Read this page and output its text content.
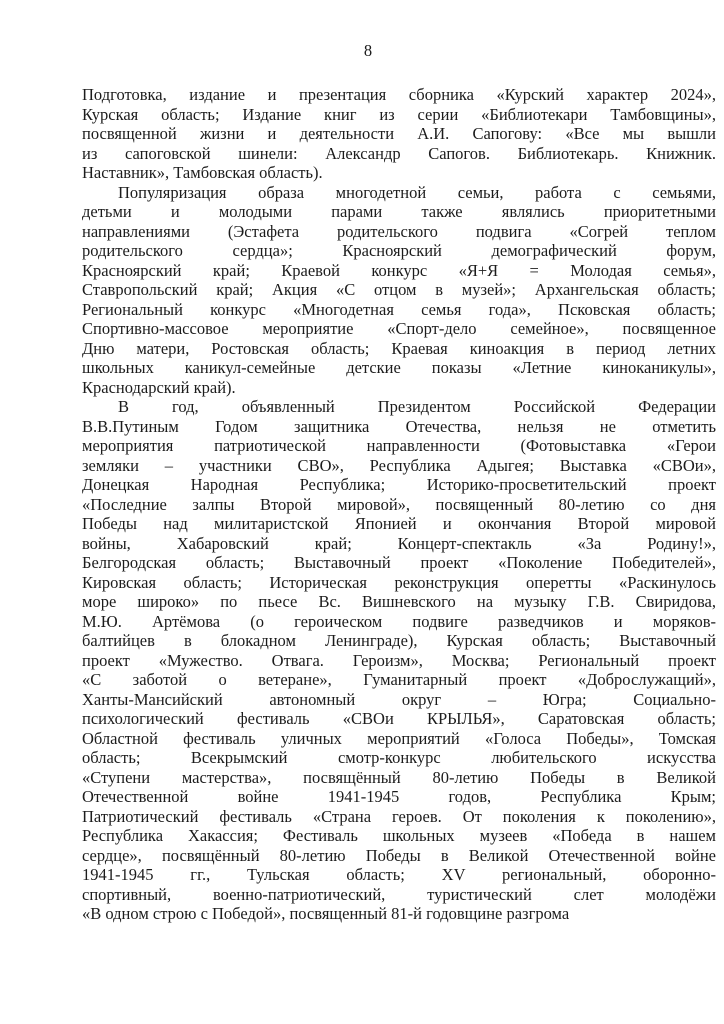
8
Подготовка, издание и презентация сборника «Курский характер 2024»,
Курская область; Издание книг из серии «Библиотекари Тамбовщины»,
посвященной жизни и деятельности А.И. Сапогову: «Все мы вышли
из сапоговской шинели: Александр Сапогов. Библиотекарь. Книжник.
Наставник», Тамбовская область).
Популяризация образа многодетной семьи, работа с семьями,
детьми и молодыми парами также являлись приоритетными
направлениями (Эстафета родительского подвига «Согрей теплом
родительского сердца»; Красноярский демографический форум,
Красноярский край; Краевой конкурс «Я+Я = Молодая семья»,
Ставропольский край; Акция «С отцом в музей»; Архангельская область;
Региональный конкурс «Многодетная семья года», Псковская область;
Спортивно-массовое мероприятие «Спорт-дело семейное», посвященное
Дню матери, Ростовская область; Краевая киноакция в период летних
школьных каникул-семейные детские показы «Летние киноканикулы»,
Краснодарский край).
В год, объявленный Президентом Российской Федерации
В.В.Путиным Годом защитника Отечества, нельзя не отметить
мероприятия патриотической направленности (Фотовыставка «Герои
земляки – участники СВО», Республика Адыгея; Выставка «СВОи»,
Донецкая Народная Республика; Историко-просветительский проект
«Последние залпы Второй мировой», посвященный 80-летию со дня
Победы над милитаристской Японией и окончания Второй мировой
войны, Хабаровский край; Концерт-спектакль «За Родину!»,
Белгородская область; Выставочный проект «Поколение Победителей»,
Кировская область; Историческая реконструкция оперетты «Раскинулось
море широко» по пьесе Вс. Вишневского на музыку Г.В. Свиридова,
М.Ю. Артёмова (о героическом подвиге разведчиков и моряков-
балтийцев в блокадном Ленинграде), Курская область; Выставочный
проект «Мужество. Отвага. Героизм», Москва; Региональный проект
«С заботой о ветеране», Гуманитарный проект «Доброслужащий»,
Ханты-Мансийский автономный округ – Югра; Социально-
психологический фестиваль «СВОи КРЫЛЬЯ», Саратовская область;
Областной фестиваль уличных мероприятий «Голоса Победы», Томская
область; Всекрымский смотр-конкурс любительского искусства
«Ступени мастерства», посвящённый 80-летию Победы в Великой
Отечественной войне 1941-1945 годов, Республика Крым;
Патриотический фестиваль «Страна героев. От поколения к поколению»,
Республика Хакассия; Фестиваль школьных музеев «Победа в нашем
сердце», посвящённый 80-летию Победы в Великой Отечественной войне
1941-1945 гг., Тульская область; XV региональный, оборонно-
спортивный, военно-патриотический, туристический слет молодёжи
«В одном строю с Победой», посвященный 81-й годовщине разгрома
